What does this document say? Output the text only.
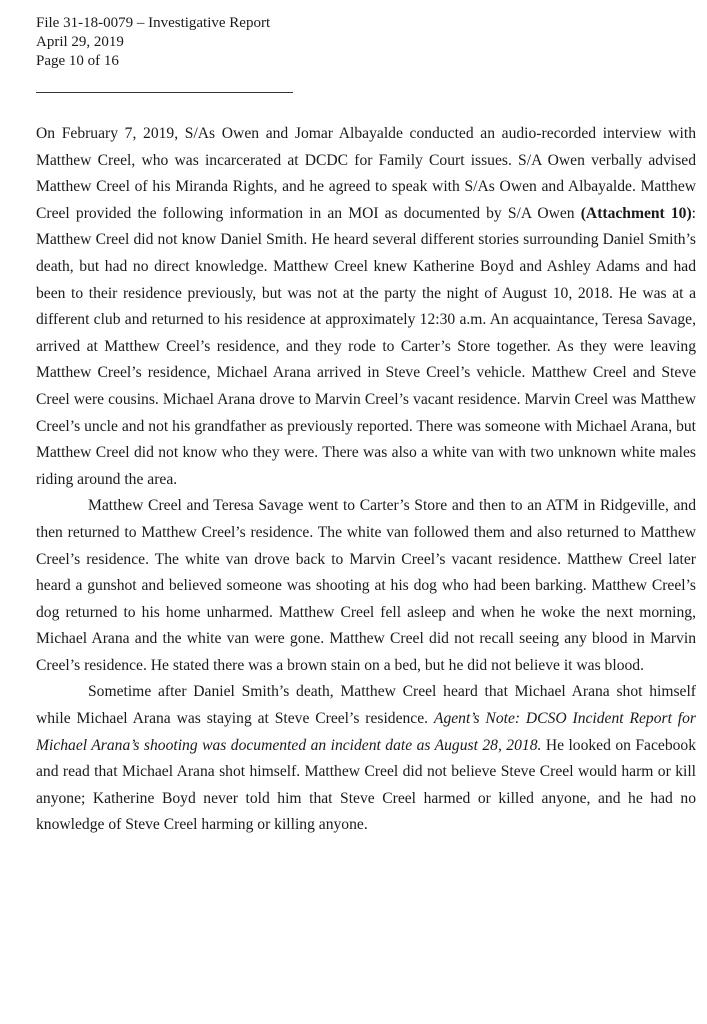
File 31-18-0079 – Investigative Report
April 29, 2019
Page 10 of 16

On February 7, 2019, S/As Owen and Jomar Albayalde conducted an audio-recorded interview with Matthew Creel, who was incarcerated at DCDC for Family Court issues. S/A Owen verbally advised Matthew Creel of his Miranda Rights, and he agreed to speak with S/As Owen and Albayalde. Matthew Creel provided the following information in an MOI as documented by S/A Owen (Attachment 10): Matthew Creel did not know Daniel Smith. He heard several different stories surrounding Daniel Smith’s death, but had no direct knowledge. Matthew Creel knew Katherine Boyd and Ashley Adams and had been to their residence previously, but was not at the party the night of August 10, 2018. He was at a different club and returned to his residence at approximately 12:30 a.m. An acquaintance, Teresa Savage, arrived at Matthew Creel’s residence, and they rode to Carter’s Store together. As they were leaving Matthew Creel’s residence, Michael Arana arrived in Steve Creel’s vehicle. Matthew Creel and Steve Creel were cousins. Michael Arana drove to Marvin Creel’s vacant residence. Marvin Creel was Matthew Creel’s uncle and not his grandfather as previously reported. There was someone with Michael Arana, but Matthew Creel did not know who they were. There was also a white van with two unknown white males riding around the area.

Matthew Creel and Teresa Savage went to Carter’s Store and then to an ATM in Ridgeville, and then returned to Matthew Creel’s residence. The white van followed them and also returned to Matthew Creel’s residence. The white van drove back to Marvin Creel’s vacant residence. Matthew Creel later heard a gunshot and believed someone was shooting at his dog who had been barking. Matthew Creel’s dog returned to his home unharmed. Matthew Creel fell asleep and when he woke the next morning, Michael Arana and the white van were gone. Matthew Creel did not recall seeing any blood in Marvin Creel’s residence. He stated there was a brown stain on a bed, but he did not believe it was blood.

Sometime after Daniel Smith’s death, Matthew Creel heard that Michael Arana shot himself while Michael Arana was staying at Steve Creel’s residence. Agent’s Note: DCSO Incident Report for Michael Arana’s shooting was documented an incident date as August 28, 2018. He looked on Facebook and read that Michael Arana shot himself. Matthew Creel did not believe Steve Creel would harm or kill anyone; Katherine Boyd never told him that Steve Creel harmed or killed anyone, and he had no knowledge of Steve Creel harming or killing anyone.
